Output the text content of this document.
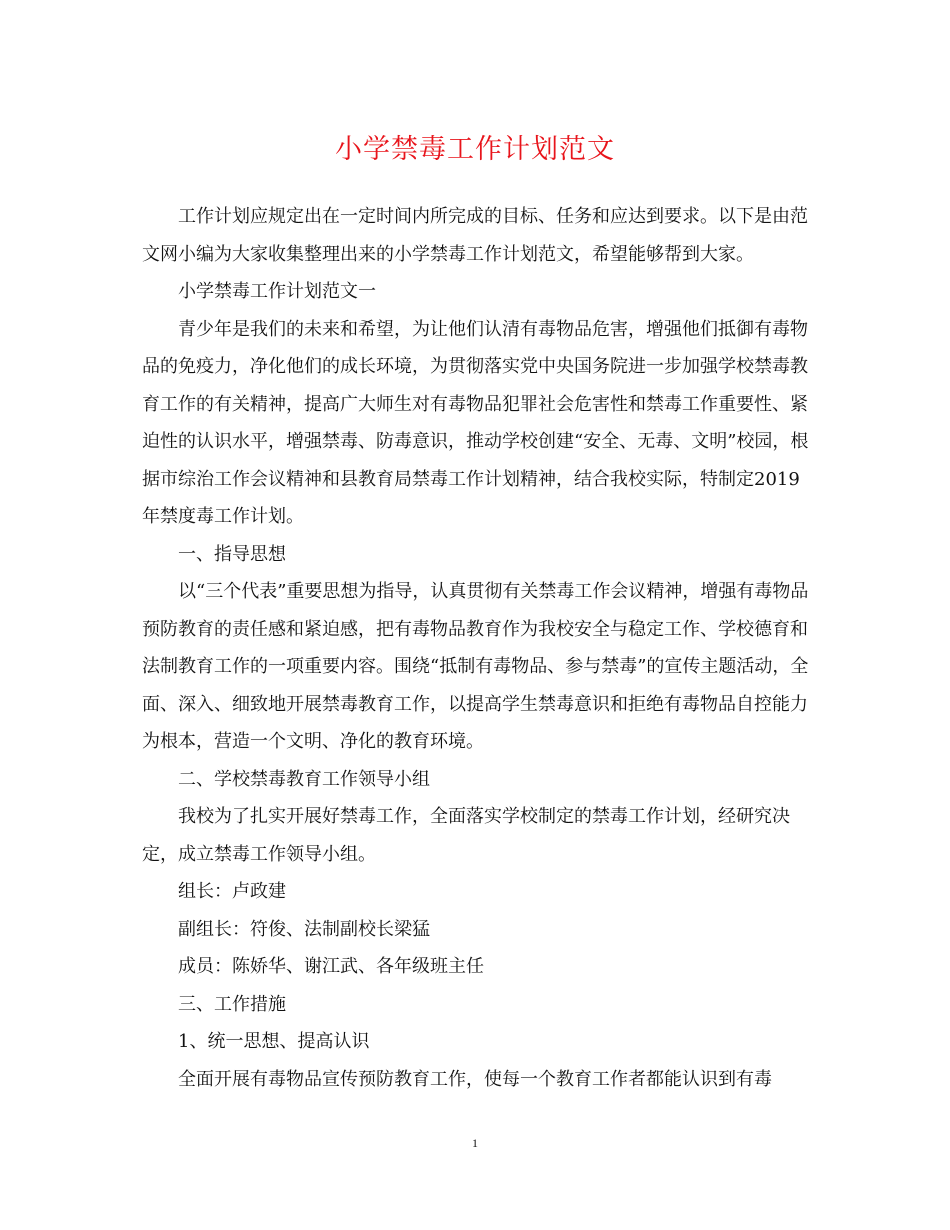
小学禁毒工作计划范文

工作计划应规定出在一定时间内所完成的目标、任务和应达到要求。以下是由范文网小编为大家收集整理出来的小学禁毒工作计划范文，希望能够帮到大家。

小学禁毒工作计划范文一

青少年是我们的未来和希望，为让他们认清有毒物品危害，增强他们抵御有毒物品的免疫力，净化他们的成长环境，为贯彻落实党中央国务院进一步加强学校禁毒教育工作的有关精神，提高广大师生对有毒物品犯罪社会危害性和禁毒工作重要性、紧迫性的认识水平，增强禁毒、防毒意识，推动学校创建“安全、无毒、文明”校园，根据市综治工作会议精神和县教育局禁毒工作计划精神，结合我校实际，特制定2019年禁度毒工作计划。

一、指导思想

以“三个代表”重要思想为指导，认真贯彻有关禁毒工作会议精神，增强有毒物品预防教育的责任感和紧迫感，把有毒物品教育作为我校安全与稳定工作、学校德育和法制教育工作的一项重要内容。围绕“抵制有毒物品、参与禁毒”的宣传主题活动，全面、深入、细致地开展禁毒教育工作，以提高学生禁毒意识和拒绝有毒物品自控能力为根本，营造一个文明、净化的教育环境。

二、学校禁毒教育工作领导小组

我校为了扎实开展好禁毒工作，全面落实学校制定的禁毒工作计划，经研究决定，成立禁毒工作领导小组。

组长：卢政建

副组长：符俊、法制副校长梁猛

成员：陈娇华、谢江武、各年级班主任

三、工作措施

1、统一思想、提高认识

全面开展有毒物品宣传预防教育工作，使每一个教育工作者都能认识到有毒

1
